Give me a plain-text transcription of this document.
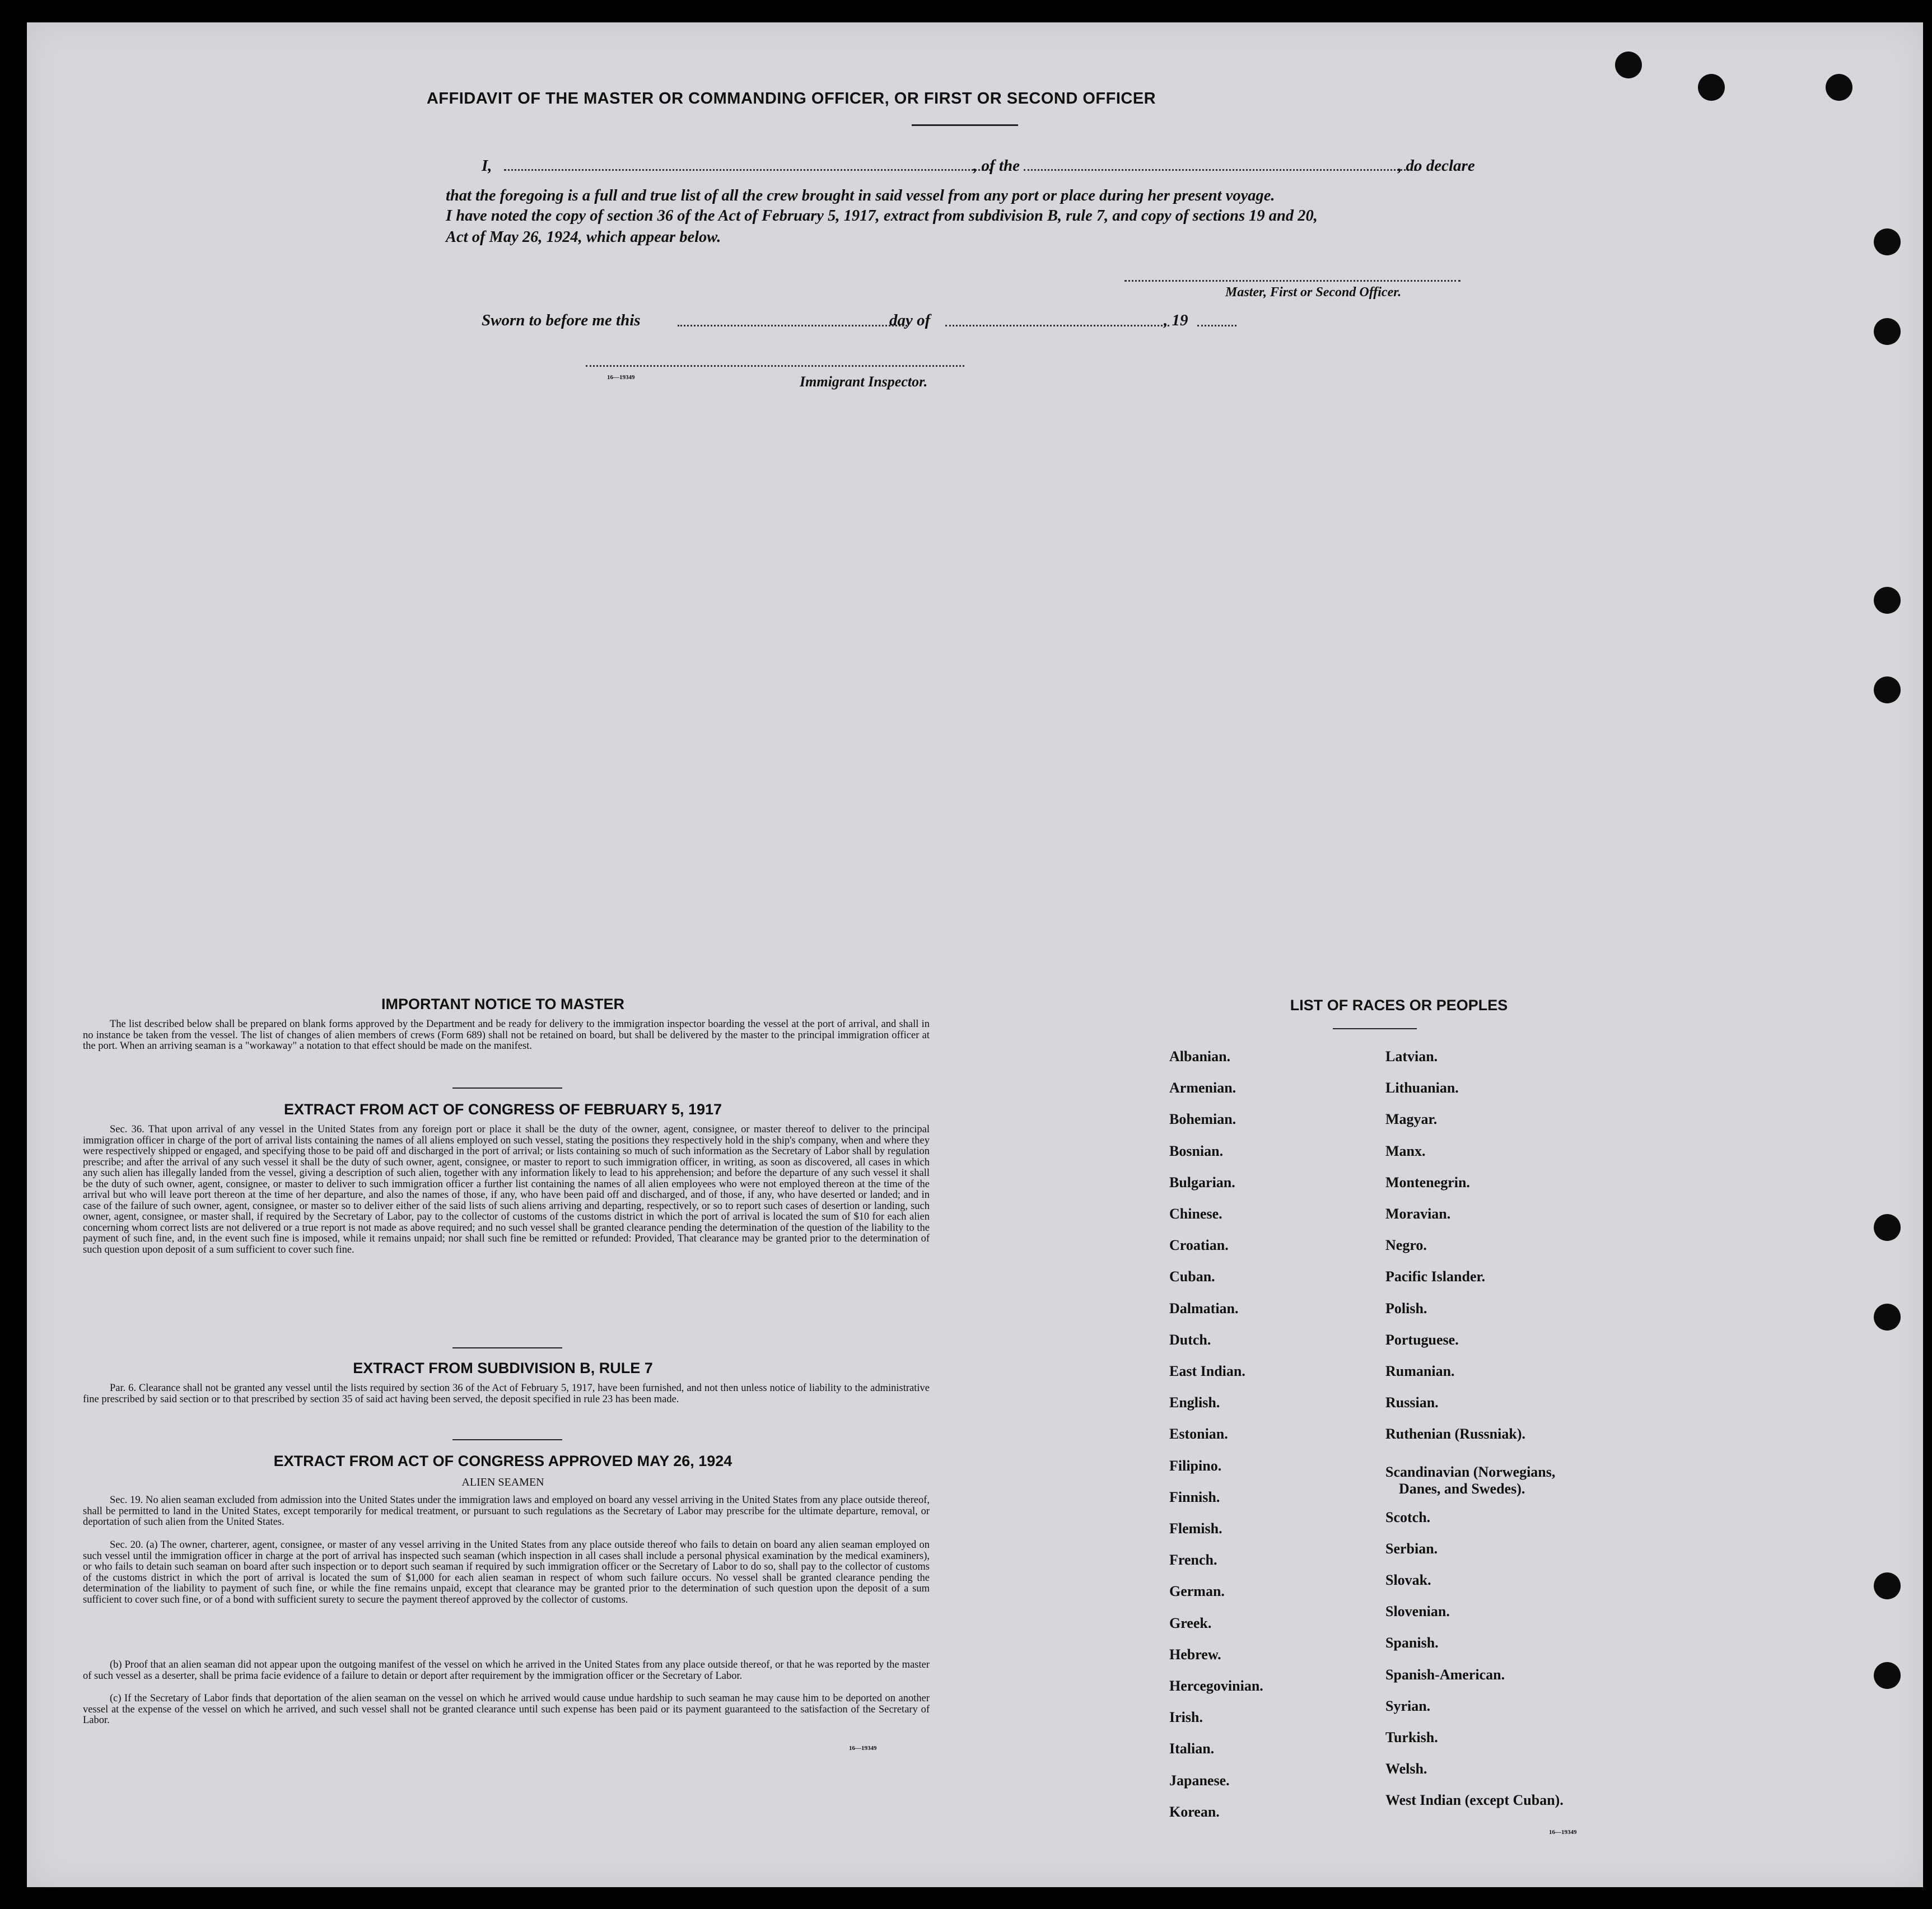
AFFIDAVIT OF THE MASTER OR COMMANDING OFFICER, OR FIRST OR SECOND OFFICER
I,	, of the	, do declare
that the foregoing is a full and true list of all the crew brought in said vessel from any port or place during her present voyage.
I have noted the copy of section 36 of the Act of February 5, 1917, extract from subdivision B, rule 7, and copy of sections 19 and 20,
Act of May 26, 1924, which appear below.
Master, First or Second Officer.
Sworn to before me this	day of	, 19
16—19349	Immigrant Inspector.
IMPORTANT NOTICE TO MASTER
The list described below shall be prepared on blank forms approved by the Department and be ready for delivery to the immigration inspector boarding the vessel at the port of arrival, and shall in no instance be taken from the vessel. The list of changes of alien members of crews (Form 689) shall not be retained on board, but shall be delivered by the master to the principal immigration officer at the port. When an arriving seaman is a "workaway" a notation to that effect should be made on the manifest.
EXTRACT FROM ACT OF CONGRESS OF FEBRUARY 5, 1917
Sec. 36. That upon arrival of any vessel in the United States from any foreign port or place it shall be the duty of the owner, agent, consignee, or master thereof to deliver to the principal immigration officer in charge of the port of arrival lists containing the names of all aliens employed on such vessel, stating the positions they respectively hold in the ship's company, when and where they were respectively shipped or engaged, and specifying those to be paid off and discharged in the port of arrival; or lists containing so much of such information as the Secretary of Labor shall by regulation prescribe; and after the arrival of any such vessel it shall be the duty of such owner, agent, consignee, or master to report to such immigration officer, in writing, as soon as discovered, all cases in which any such alien has illegally landed from the vessel, giving a description of such alien, together with any information likely to lead to his apprehension; and before the departure of any such vessel it shall be the duty of such owner, agent, consignee, or master to deliver to such immigration officer a further list containing the names of all alien employees who were not employed thereon at the time of the arrival but who will leave port thereon at the time of her departure, and also the names of those, if any, who have been paid off and discharged, and of those, if any, who have deserted or landed; and in case of the failure of such owner, agent, consignee, or master so to deliver either of the said lists of such aliens arriving and departing, respectively, or so to report such cases of desertion or landing, such owner, agent, consignee, or master shall, if required by the Secretary of Labor, pay to the collector of customs of the customs district in which the port of arrival is located the sum of $10 for each alien concerning whom correct lists are not delivered or a true report is not made as above required; and no such vessel shall be granted clearance pending the determination of the question of the liability to the payment of such fine, and, in the event such fine is imposed, while it remains unpaid; nor shall such fine be remitted or refunded: Provided, That clearance may be granted prior to the determination of such question upon deposit of a sum sufficient to cover such fine.
EXTRACT FROM SUBDIVISION B, RULE 7
Par. 6. Clearance shall not be granted any vessel until the lists required by section 36 of the Act of February 5, 1917, have been furnished, and not then unless notice of liability to the administrative fine prescribed by said section or to that prescribed by section 35 of said act having been served, the deposit specified in rule 23 has been made.
EXTRACT FROM ACT OF CONGRESS APPROVED MAY 26, 1924
ALIEN SEAMEN
Sec. 19. No alien seaman excluded from admission into the United States under the immigration laws and employed on board any vessel arriving in the United States from any place outside thereof, shall be permitted to land in the United States, except temporarily for medical treatment, or pursuant to such regulations as the Secretary of Labor may prescribe for the ultimate departure, removal, or deportation of such alien from the United States.
Sec. 20. (a) The owner, charterer, agent, consignee, or master of any vessel arriving in the United States from any place outside thereof who fails to detain on board any alien seaman employed on such vessel until the immigration officer in charge at the port of arrival has inspected such seaman (which inspection in all cases shall include a personal physical examination by the medical examiners), or who fails to detain such seaman on board after such inspection or to deport such seaman if required by such immigration officer or the Secretary of Labor to do so, shall pay to the collector of customs of the customs district in which the port of arrival is located the sum of $1,000 for each alien seaman in respect of whom such failure occurs. No vessel shall be granted clearance pending the determination of the liability to payment of such fine, or while the fine remains unpaid, except that clearance may be granted prior to the determination of such question upon the deposit of a sum sufficient to cover such fine, or of a bond with sufficient surety to secure the payment thereof approved by the collector of customs.
(b) Proof that an alien seaman did not appear upon the outgoing manifest of the vessel on which he arrived in the United States from any place outside thereof, or that he was reported by the master of such vessel as a deserter, shall be prima facie evidence of a failure to detain or deport after requirement by the immigration officer or the Secretary of Labor.
(c) If the Secretary of Labor finds that deportation of the alien seaman on the vessel on which he arrived would cause undue hardship to such seaman he may cause him to be deported on another vessel at the expense of the vessel on which he arrived, and such vessel shall not be granted clearance until such expense has been paid or its payment guaranteed to the satisfaction of the Secretary of Labor.
16—19349
LIST OF RACES OR PEOPLES
16—19349
Albanian.
Armenian.
Bohemian.
Bosnian.
Bulgarian.
Chinese.
Croatian.
Cuban.
Dalmatian.
Dutch.
East Indian.
English.
Estonian.
Filipino.
Finnish.
Flemish.
French.
German.
Greek.
Hebrew.
Hercegovinian.
Irish.
Italian.
Japanese.
Korean.
Latvian.
Lithuanian.
Magyar.
Manx.
Montenegrin.
Moravian.
Negro.
Pacific Islander.
Polish.
Portuguese.
Rumanian.
Russian.
Ruthenian (Russniak).
Scandinavian (Norwegians,
Danes, and Swedes).
Scotch.
Serbian.
Slovak.
Slovenian.
Spanish.
Spanish-American.
Syrian.
Turkish.
Welsh.
West Indian (except Cuban).
